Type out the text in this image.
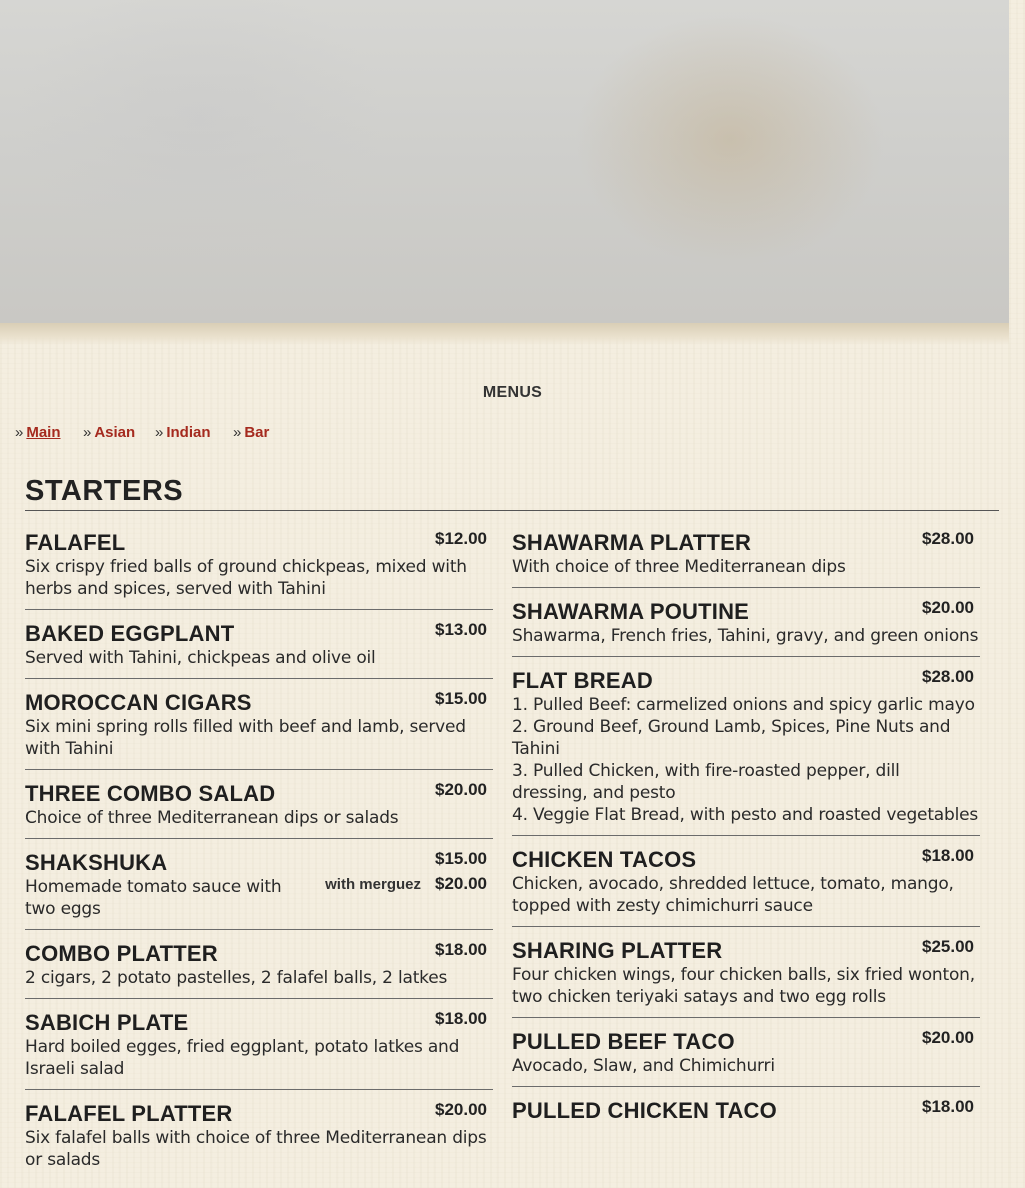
MENUS
» Main » Asian » Indian » Bar
STARTERS
FALAFEL	$12.00
Six crispy fried balls of ground chickpeas, mixed with herbs and spices, served with Tahini
BAKED EGGPLANT	$13.00
Served with Tahini, chickpeas and olive oil
MOROCCAN CIGARS	$15.00
Six mini spring rolls filled with beef and lamb, served with Tahini
THREE COMBO SALAD	$20.00
Choice of three Mediterranean dips or salads
SHAKSHUKA	$15.00
with merguez $20.00
Homemade tomato sauce with two eggs
COMBO PLATTER	$18.00
2 cigars, 2 potato pastelles, 2 falafel balls, 2 latkes
SABICH PLATE	$18.00
Hard boiled egges, fried eggplant, potato latkes and Israeli salad
FALAFEL PLATTER	$20.00
Six falafel balls with choice of three Mediterranean dips or salads
SHAWARMA PLATTER	$28.00
With choice of three Mediterranean dips
SHAWARMA POUTINE	$20.00
Shawarma, French fries, Tahini, gravy, and green onions
FLAT BREAD	$28.00
1. Pulled Beef: carmelized onions and spicy garlic mayo
2. Ground Beef, Ground Lamb, Spices, Pine Nuts and Tahini
3. Pulled Chicken, with fire-roasted pepper, dill dressing, and pesto
4. Veggie Flat Bread, with pesto and roasted vegetables
CHICKEN TACOS	$18.00
Chicken, avocado, shredded lettuce, tomato, mango, topped with zesty chimichurri sauce
SHARING PLATTER	$25.00
Four chicken wings, four chicken balls, six fried wonton, two chicken teriyaki satays and two egg rolls
PULLED BEEF TACO	$20.00
Avocado, Slaw, and Chimichurri
PULLED CHICKEN TACO	$18.00
